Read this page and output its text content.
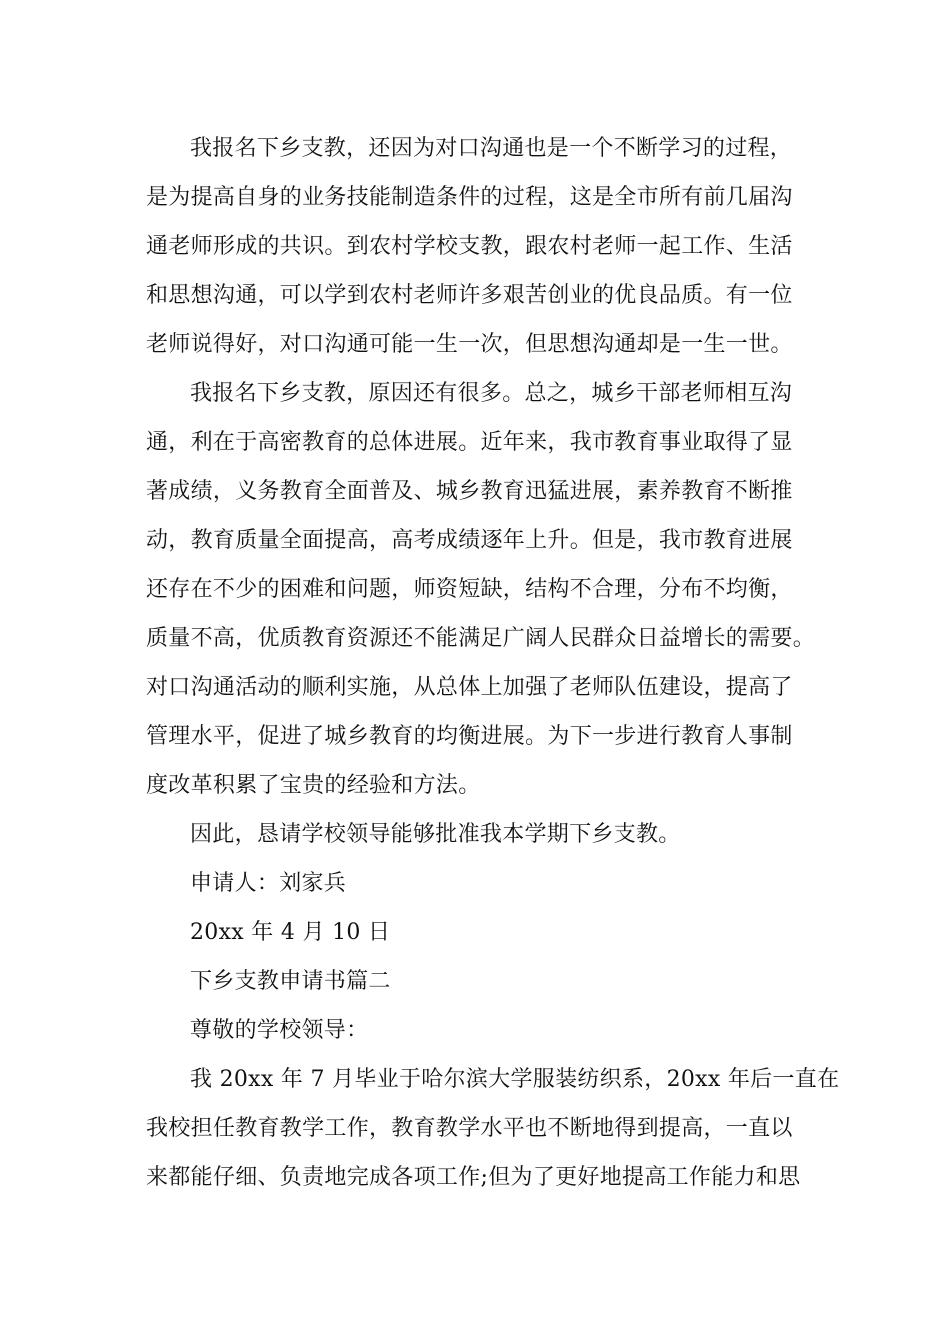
我报名下乡支教，还因为对口沟通也是一个不断学习的过程，
是为提高自身的业务技能制造条件的过程，这是全市所有前几届沟
通老师形成的共识。到农村学校支教，跟农村老师一起工作、生活
和思想沟通，可以学到农村老师许多艰苦创业的优良品质。有一位
老师说得好，对口沟通可能一生一次，但思想沟通却是一生一世。
我报名下乡支教，原因还有很多。总之，城乡干部老师相互沟
通，利在于高密教育的总体进展。近年来，我市教育事业取得了显
著成绩，义务教育全面普及、城乡教育迅猛进展，素养教育不断推
动，教育质量全面提高，高考成绩逐年上升。但是，我市教育进展
还存在不少的困难和问题，师资短缺，结构不合理，分布不均衡，
质量不高，优质教育资源还不能满足广阔人民群众日益增长的需要。
对口沟通活动的顺利实施，从总体上加强了老师队伍建设，提高了
管理水平，促进了城乡教育的均衡进展。为下一步进行教育人事制
度改革积累了宝贵的经验和方法。
因此，恳请学校领导能够批准我本学期下乡支教。
申请人：刘家兵
20xx 年 4 月 10 日
下乡支教申请书篇二
尊敬的学校领导：
我 20xx 年 7 月毕业于哈尔滨大学服装纺织系，20xx 年后一直在
我校担任教育教学工作，教育教学水平也不断地得到提高，一直以
来都能仔细、负责地完成各项工作;但为了更好地提高工作能力和思
